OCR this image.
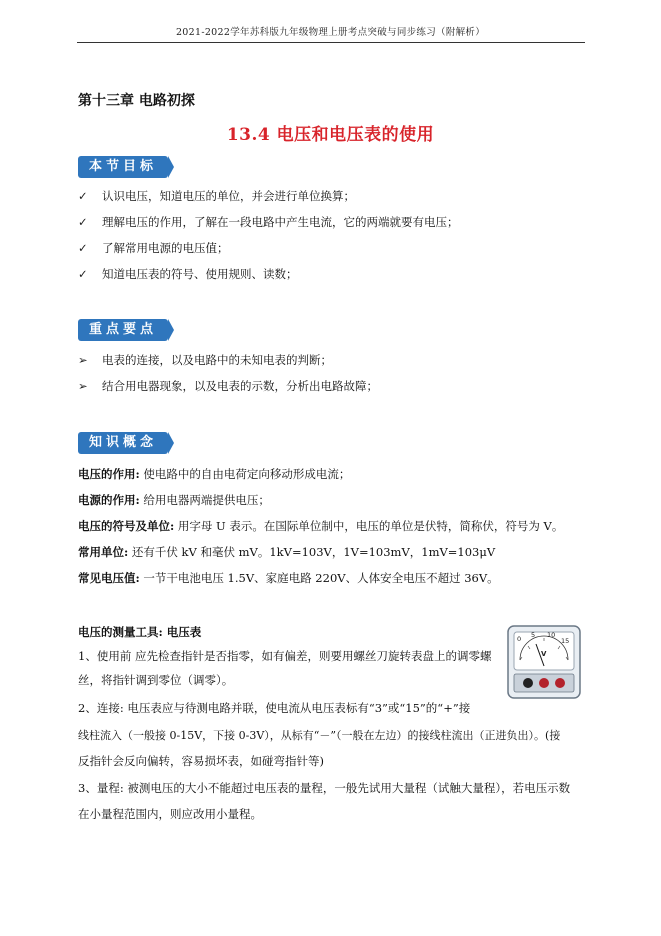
2021-2022学年苏科版九年级物理上册考点突破与同步练习（附解析）
第十三章 电路初探
13.4 电压和电压表的使用
本节目标
✓ 认识电压，知道电压的单位，并会进行单位换算；
✓ 理解电压的作用，了解在一段电路中产生电流，它的两端就要有电压；
✓ 了解常用电源的电压值；
✓ 知道电压表的符号、使用规则、读数；
重点要点
➢ 电表的连接，以及电路中的未知电表的判断；
➢ 结合用电器现象，以及电表的示数，分析出电路故障；
知识概念
电压的作用: 使电路中的自由电荷定向移动形成电流；
电源的作用: 给用电器两端提供电压；
电压的符号及单位: 用字母 U 表示。在国际单位制中，电压的单位是伏特，简称伏，符号为 V。
常用单位: 还有千伏 kV 和毫伏 mV。1kV=103V，1V=103mV，1mV=103μV
常见电压值: 一节干电池电压 1.5V、家庭电路 220V、人体安全电压不超过 36V。
电压的测量工具: 电压表
1、使用前 应先检查指针是否指零，如有偏差，则要用螺丝刀旋转表盘上的调零螺
丝，将指针调到零位（调零）。
2、连接: 电压表应与待测电路并联，使电流从电压表标有“3”或“15”的“+”接
线柱流入（一般接 0-15V，下接 0-3V），从标有“－”（一般在左边）的接线柱流出（正进负出）。(接
反指针会反向偏转，容易损坏表，如碰弯指针等)
3、量程: 被测电压的大小不能超过电压表的量程，一般先试用大量程（试触大量程），若电压示数
在小量程范围内，则应改用小量程。
0 5 10
15
V
